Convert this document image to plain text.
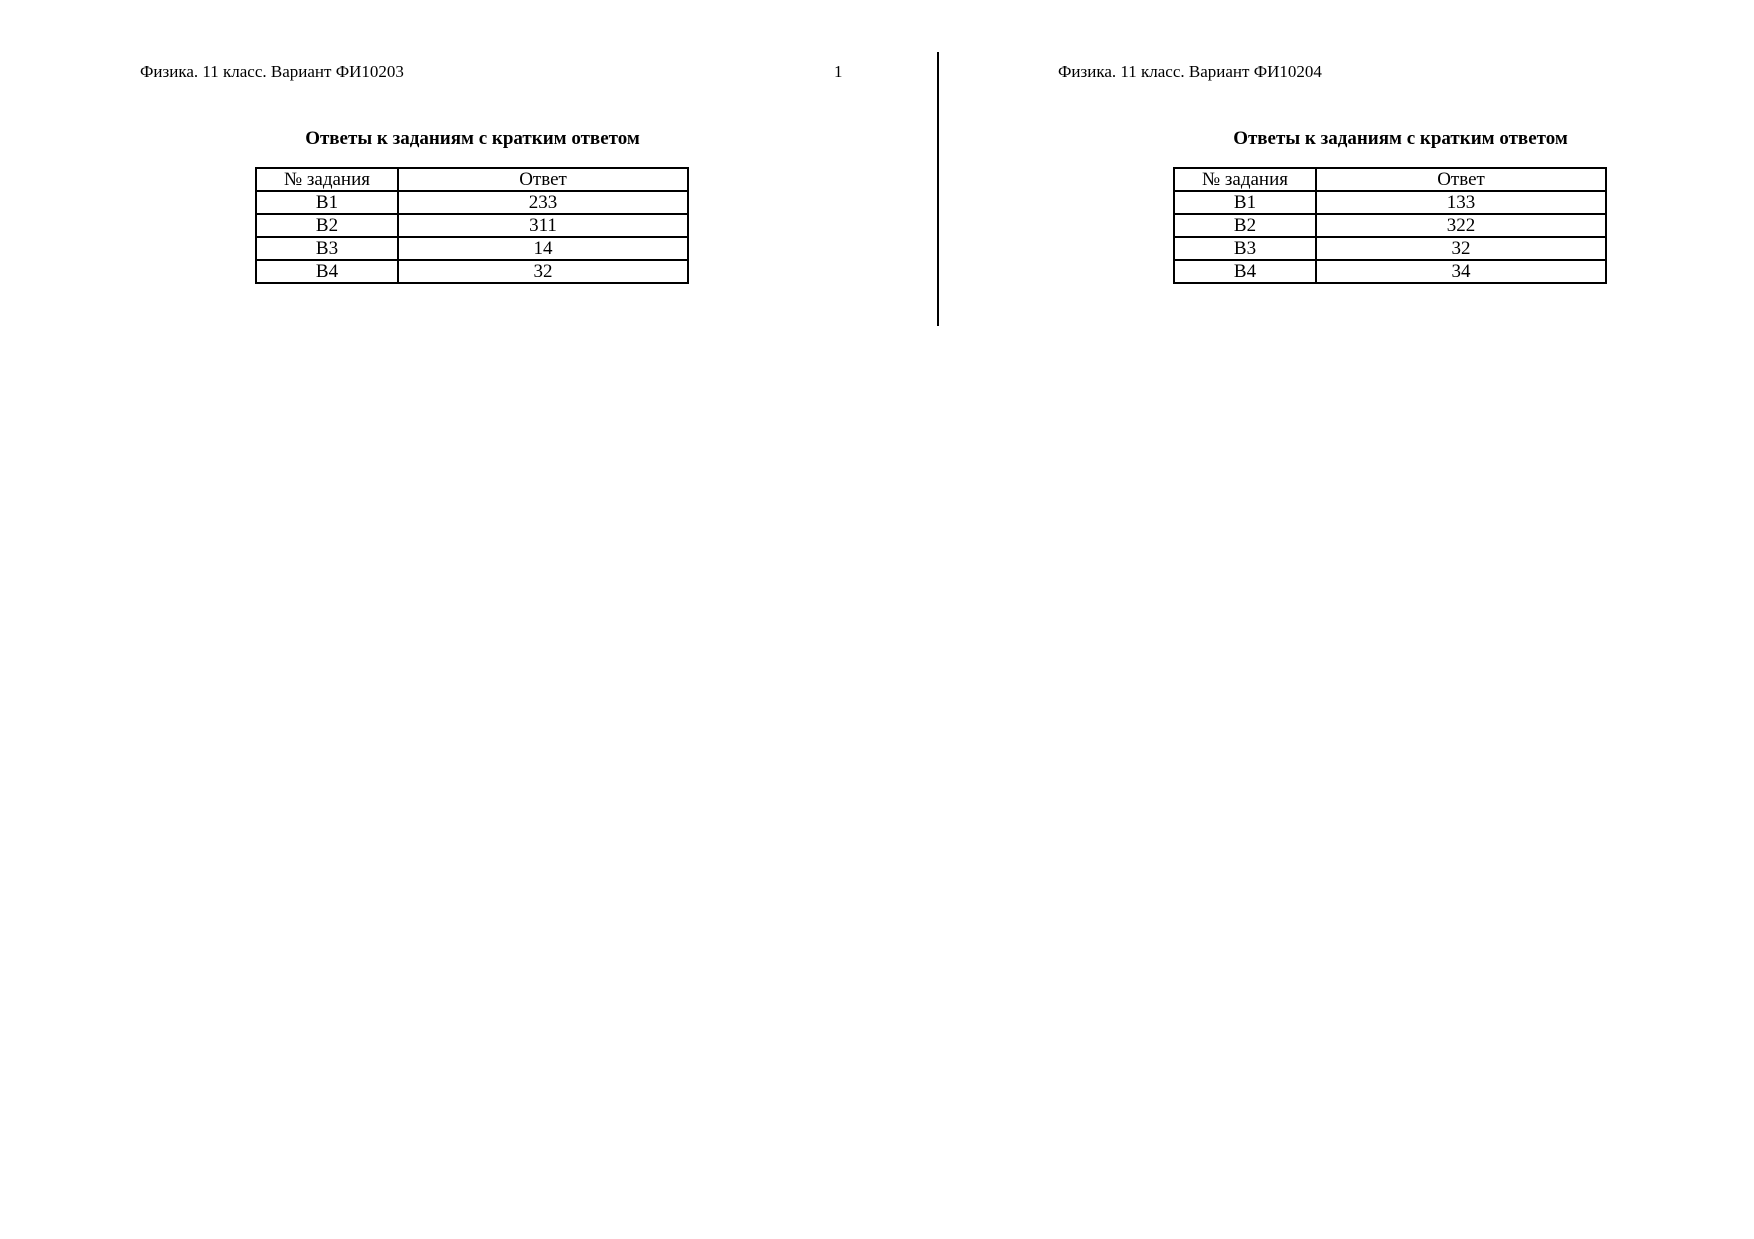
Физика. 11 класс. Вариант ФИ10203	1
Ответы к заданиям с кратким ответом
№ задания	Ответ
В1	233
В2	311
В3	14
В4	32
Физика. 11 класс. Вариант ФИ10204
Ответы к заданиям с кратким ответом
№ задания	Ответ
В1	133
В2	322
В3	32
В4	34
